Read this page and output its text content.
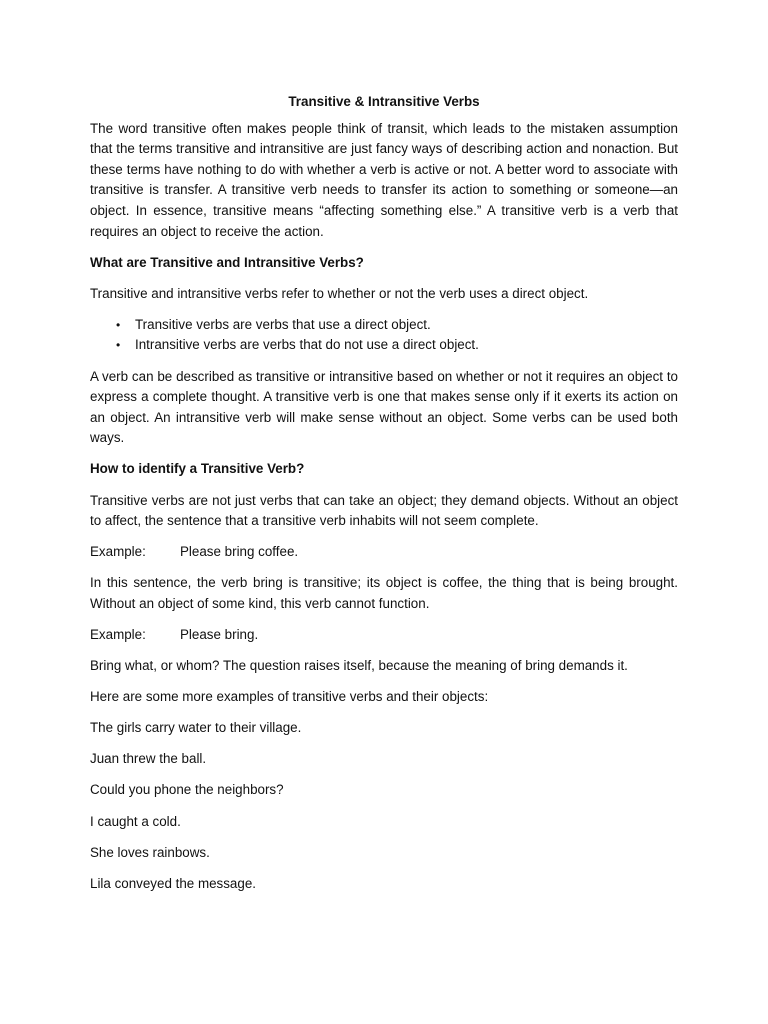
Transitive & Intransitive Verbs

The word transitive often makes people think of transit, which leads to the mistaken assumption that the terms transitive and intransitive are just fancy ways of describing action and nonaction. But these terms have nothing to do with whether a verb is active or not. A better word to associate with transitive is transfer. A transitive verb needs to transfer its action to something or someone—an object. In essence, transitive means “affecting something else.” A transitive verb is a verb that requires an object to receive the action.

What are Transitive and Intransitive Verbs?

Transitive and intransitive verbs refer to whether or not the verb uses a direct object.

• Transitive verbs are verbs that use a direct object.
• Intransitive verbs are verbs that do not use a direct object.

A verb can be described as transitive or intransitive based on whether or not it requires an object to express a complete thought. A transitive verb is one that makes sense only if it exerts its action on an object. An intransitive verb will make sense without an object. Some verbs can be used both ways.

How to identify a Transitive Verb?

Transitive verbs are not just verbs that can take an object; they demand objects. Without an object to affect, the sentence that a transitive verb inhabits will not seem complete.

Example:	Please bring coffee.

In this sentence, the verb bring is transitive; its object is coffee, the thing that is being brought. Without an object of some kind, this verb cannot function.

Example:	Please bring.

Bring what, or whom? The question raises itself, because the meaning of bring demands it.

Here are some more examples of transitive verbs and their objects:

The girls carry water to their village.

Juan threw the ball.

Could you phone the neighbors?

I caught a cold.

She loves rainbows.

Lila conveyed the message.
